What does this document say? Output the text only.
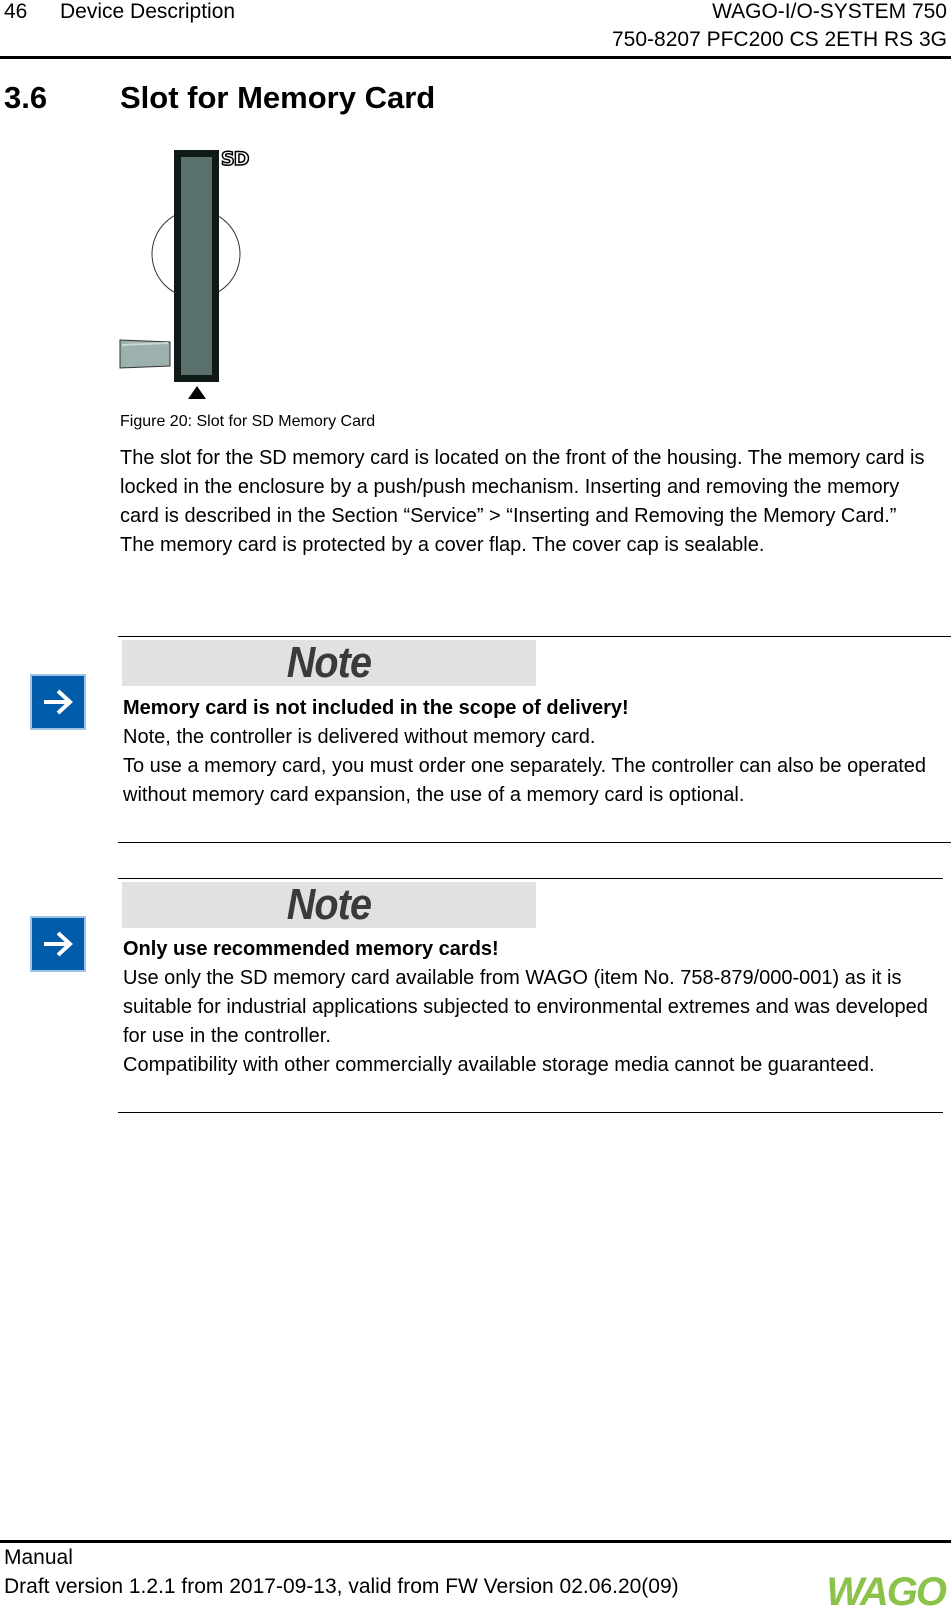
46 Device Description	WAGO-I/O-SYSTEM 750
750-8207 PFC200 CS 2ETH RS 3G
3.6 Slot for Memory Card
SD
Figure 20: Slot for SD Memory Card

The slot for the SD memory card is located on the front of the housing. The memory card is locked in the enclosure by a push/push mechanism. Inserting and removing the memory card is described in the Section “Service” > “Inserting and Removing the Memory Card.”

The memory card is protected by a cover flap. The cover cap is sealable.

Note

Memory card is not included in the scope of delivery!

Note, the controller is delivered without memory card.

To use a memory card, you must order one separately. The controller can also be operated without memory card expansion, the use of a memory card is optional.

Note

Only use recommended memory cards!

Use only the SD memory card available from WAGO (item No. 758-879/000-001) as it is suitable for industrial applications subjected to environmental extremes and was developed for use in the controller.

Compatibility with other commercially available storage media cannot be guaranteed.

Manual
Draft version 1.2.1 from 2017-09-13, valid from FW Version 02.06.20(09)	WAGO
